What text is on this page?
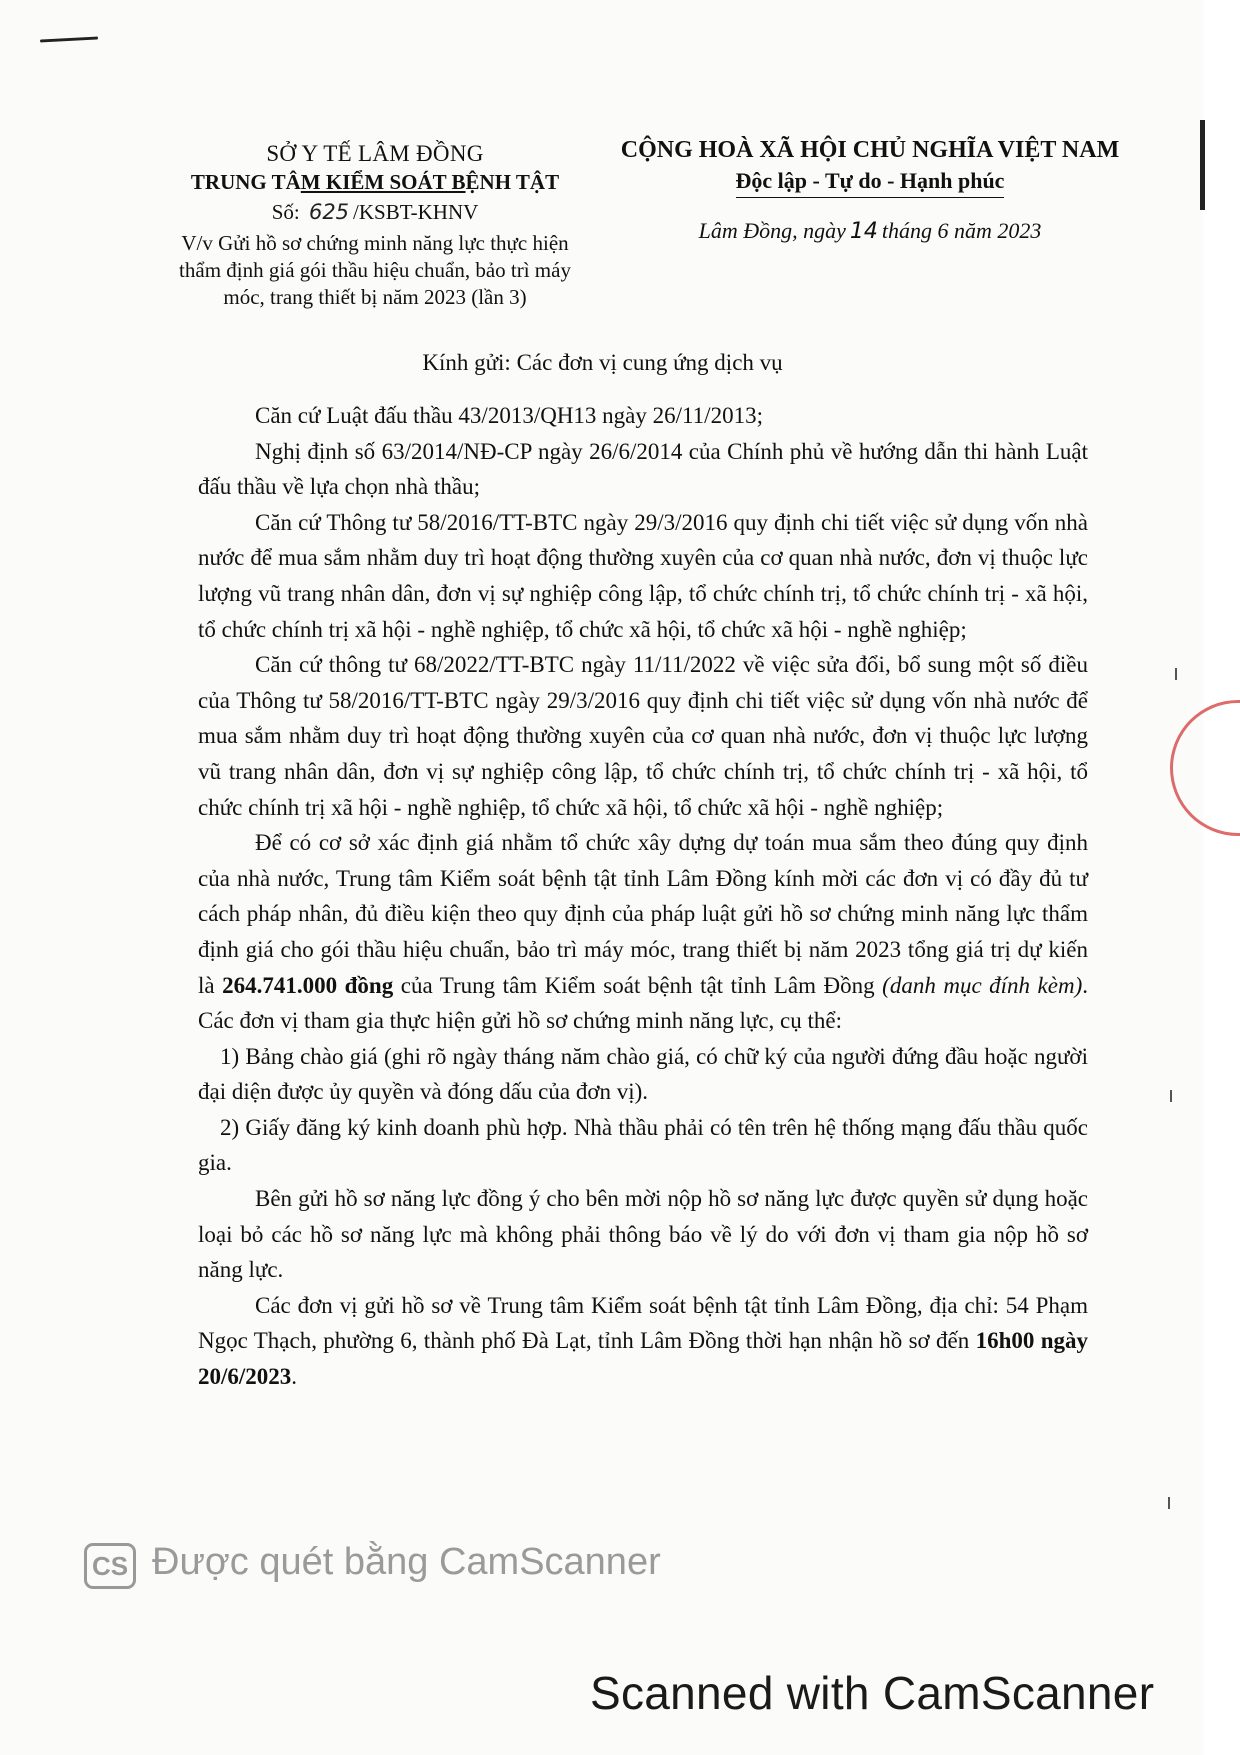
SỞ Y TẾ LÂM ĐỒNG
TRUNG TÂM KIỂM SOÁT BỆNH TẬT
Số: 625 /KSBT-KHNV
V/v Gửi hồ sơ chứng minh năng lực thực hiện thẩm định giá gói thầu hiệu chuẩn, bảo trì máy móc, trang thiết bị năm 2023 (lần 3)
CỘNG HOÀ XÃ HỘI CHỦ NGHĨA VIỆT NAM
Độc lập - Tự do - Hạnh phúc
Lâm Đồng, ngày 14 tháng 6 năm 2023
Kính gửi: Các đơn vị cung ứng dịch vụ

Căn cứ Luật đấu thầu 43/2013/QH13 ngày 26/11/2013;

Nghị định số 63/2014/NĐ-CP ngày 26/6/2014 của Chính phủ về hướng dẫn thi hành Luật đấu thầu về lựa chọn nhà thầu;

Căn cứ Thông tư 58/2016/TT-BTC ngày 29/3/2016 quy định chi tiết việc sử dụng vốn nhà nước để mua sắm nhằm duy trì hoạt động thường xuyên của cơ quan nhà nước, đơn vị thuộc lực lượng vũ trang nhân dân, đơn vị sự nghiệp công lập, tổ chức chính trị, tổ chức chính trị - xã hội, tổ chức chính trị xã hội - nghề nghiệp, tổ chức xã hội, tổ chức xã hội - nghề nghiệp;

Căn cứ thông tư 68/2022/TT-BTC ngày 11/11/2022 về việc sửa đổi, bổ sung một số điều của Thông tư 58/2016/TT-BTC ngày 29/3/2016 quy định chi tiết việc sử dụng vốn nhà nước để mua sắm nhằm duy trì hoạt động thường xuyên của cơ quan nhà nước, đơn vị thuộc lực lượng vũ trang nhân dân, đơn vị sự nghiệp công lập, tổ chức chính trị, tổ chức chính trị - xã hội, tổ chức chính trị xã hội - nghề nghiệp, tổ chức xã hội, tổ chức xã hội - nghề nghiệp;

Để có cơ sở xác định giá nhằm tổ chức xây dựng dự toán mua sắm theo đúng quy định của nhà nước, Trung tâm Kiểm soát bệnh tật tỉnh Lâm Đồng kính mời các đơn vị có đầy đủ tư cách pháp nhân, đủ điều kiện theo quy định của pháp luật gửi hồ sơ chứng minh năng lực thẩm định giá cho gói thầu hiệu chuẩn, bảo trì máy móc, trang thiết bị năm 2023 tổng giá trị dự kiến là 264.741.000 đồng của Trung tâm Kiểm soát bệnh tật tỉnh Lâm Đồng (danh mục đính kèm). Các đơn vị tham gia thực hiện gửi hồ sơ chứng minh năng lực, cụ thể:

1) Bảng chào giá (ghi rõ ngày tháng năm chào giá, có chữ ký của người đứng đầu hoặc người đại diện được ủy quyền và đóng dấu của đơn vị).

2) Giấy đăng ký kinh doanh phù hợp. Nhà thầu phải có tên trên hệ thống mạng đấu thầu quốc gia.

Bên gửi hồ sơ năng lực đồng ý cho bên mời nộp hồ sơ năng lực được quyền sử dụng hoặc loại bỏ các hồ sơ năng lực mà không phải thông báo về lý do với đơn vị tham gia nộp hồ sơ năng lực.

Các đơn vị gửi hồ sơ về Trung tâm Kiểm soát bệnh tật tỉnh Lâm Đồng, địa chỉ: 54 Phạm Ngọc Thạch, phường 6, thành phố Đà Lạt, tỉnh Lâm Đồng thời hạn nhận hồ sơ đến 16h00 ngày 20/6/2023.

CS Được quét bằng CamScanner
Scanned with CamScanner
